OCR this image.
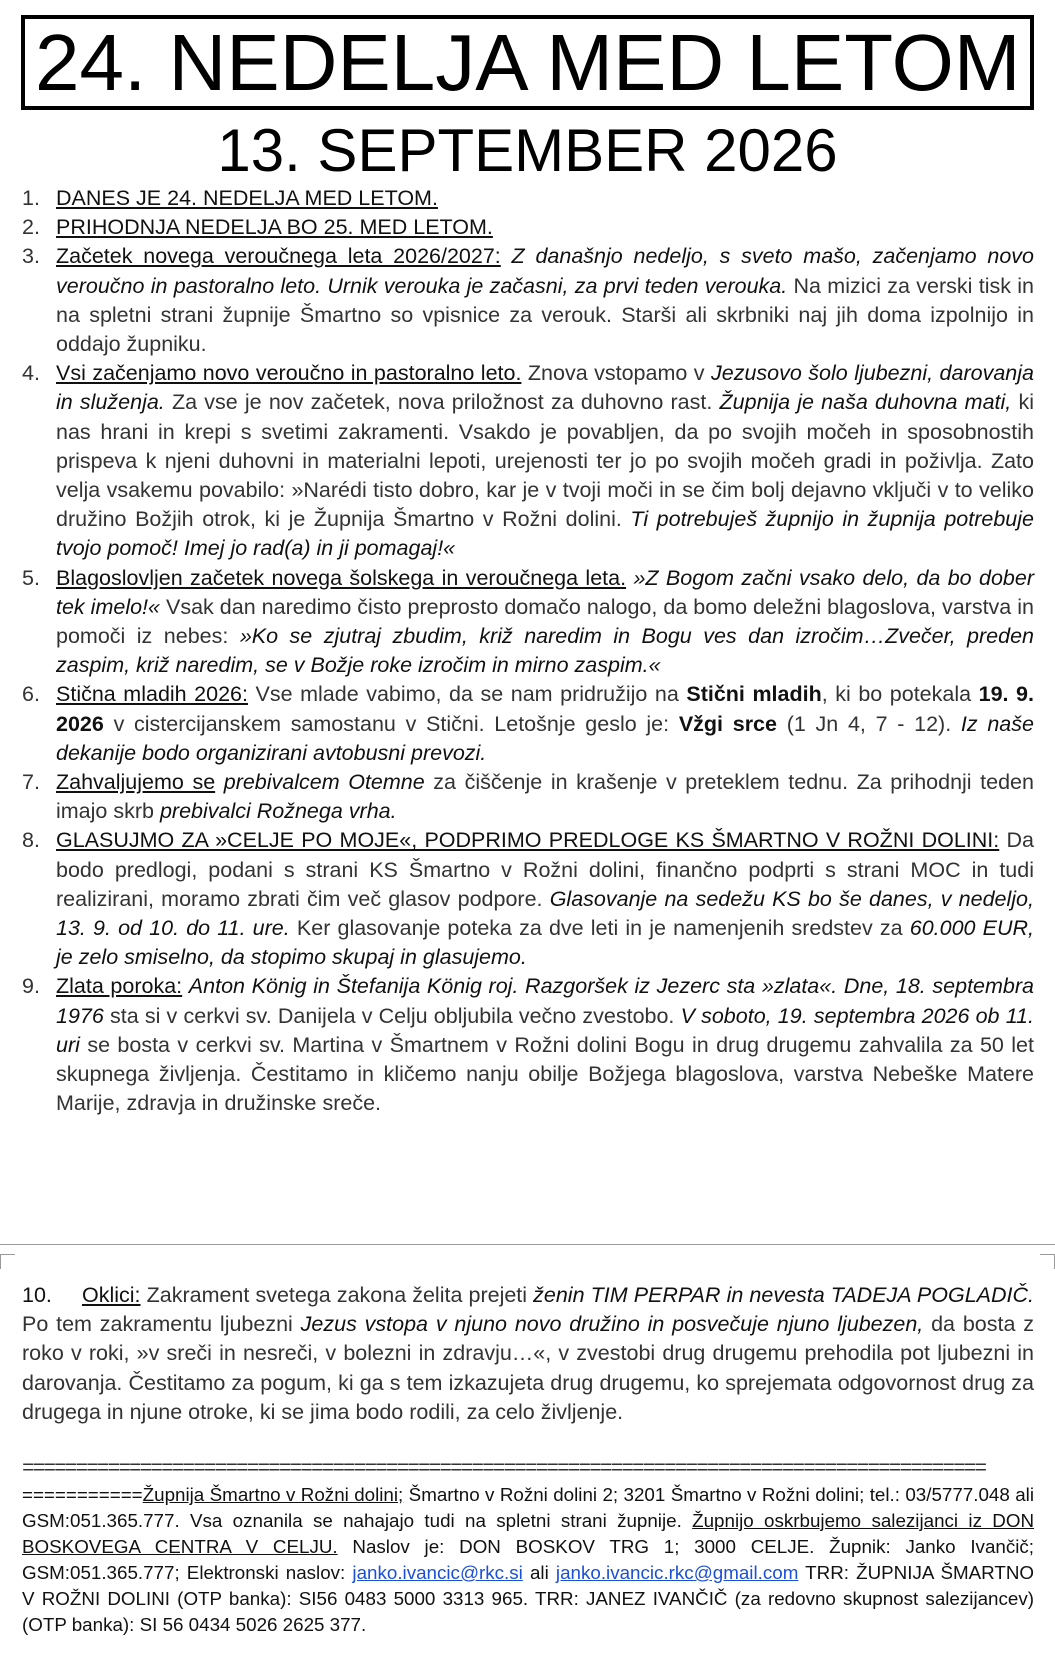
24. NEDELJA MED LETOM
13. SEPTEMBER 2026
1. DANES JE 24. NEDELJA MED LETOM.
2. PRIHODNJA NEDELJA BO 25. MED LETOM.
3. Začetek novega veroučnega leta 2026/2027: Z današnjo nedeljo, s sveto mašo, začenjamo novo veroučno in pastoralno leto. Urnik verouka je začasni, za prvi teden verouka. Na mizici za verski tisk in na spletni strani župnije Šmartno so vpisnice za verouk. Starši ali skrbniki naj jih doma izpolnijo in oddajo župniku.
4. Vsi začenjamo novo veroučno in pastoralno leto. Znova vstopamo v Jezusovo šolo ljubezni, darovanja in služenja. Za vse je nov začetek, nova priložnost za duhovno rast. Župnija je naša duhovna mati, ki nas hrani in krepi s svetimi zakramenti. Vsakdo je povabljen, da po svojih močeh in sposobnostih prispeva k njeni duhovni in materialni lepoti, urejenosti ter jo po svojih močeh gradi in poživlja. Zato velja vsakemu povabilo: »Narédi tisto dobro, kar je v tvoji moči in se čim bolj dejavno vključi v to veliko družino Božjih otrok, ki je Župnija Šmartno v Rožni dolini. Ti potrebuješ župnijo in župnija potrebuje tvojo pomoč! Imej jo rad(a) in ji pomagaj!«
5. Blagoslovljen začetek novega šolskega in veroučnega leta. »Z Bogom začni vsako delo, da bo dober tek imelo!« Vsak dan naredimo čisto preprosto domačo nalogo, da bomo deležni blagoslova, varstva in pomoči iz nebes: »Ko se zjutraj zbudim, križ naredim in Bogu ves dan izročim…Zvečer, preden zaspim, križ naredim, se v Božje roke izročim in mirno zaspim.«
6. Stična mladih 2026: Vse mlade vabimo, da se nam pridružijo na Stični mladih, ki bo potekala 19. 9. 2026 v cistercijanskem samostanu v Stični. Letošnje geslo je: Vžgi srce (1 Jn 4, 7 - 12). Iz naše dekanije bodo organizirani avtobusni prevozi.
7. Zahvaljujemo se prebivalcem Otemne za čiščenje in krašenje v preteklem tednu. Za prihodnji teden imajo skrb prebivalci Rožnega vrha.
8. GLASUJMO ZA »CELJE PO MOJE«, PODPRIMO PREDLOGE KS ŠMARTNO V ROŽNI DOLINI: Da bodo predlogi, podani s strani KS Šmartno v Rožni dolini, finančno podprti s strani MOC in tudi realizirani, moramo zbrati čim več glasov podpore. Glasovanje na sedežu KS bo še danes, v nedeljo, 13. 9. od 10. do 11. ure. Ker glasovanje poteka za dve leti in je namenjenih sredstev za 60.000 EUR, je zelo smiselno, da stopimo skupaj in glasujemo.
9. Zlata poroka: Anton König in Štefanija König roj. Razgoršek iz Jezerc sta »zlata«. Dne, 18. septembra 1976 sta si v cerkvi sv. Danijela v Celju obljubila večno zvestobo. V soboto, 19. septembra 2026 ob 11. uri se bosta v cerkvi sv. Martina v Šmartnem v Rožni dolini Bogu in drug drugemu zahvalila za 50 let skupnega življenja. Čestitamo in kličemo nanju obilje Božjega blagoslova, varstva Nebeške Matere Marije, zdravja in družinske sreče.
10. Oklici: Zakrament svetega zakona želita prejeti ženin TIM PERPAR in nevesta TADEJA POGLADIČ. Po tem zakramentu ljubezni Jezus vstopa v njuno novo družino in posvečuje njuno ljubezen, da bosta z roko v roki, »v sreči in nesreči, v bolezni in zdravju…«, v zvestobi drug drugemu prehodila pot ljubezni in darovanja. Čestitamo za pogum, ki ga s tem izkazujeta drug drugemu, ko sprejemata odgovornost drug za drugega in njune otroke, ki se jima bodo rodili, za celo življenje.
==========================================================================================
===========Župnija Šmartno v Rožni dolini; Šmartno v Rožni dolini 2; 3201 Šmartno v Rožni dolini; tel.: 03/5777.048 ali GSM:051.365.777. Vsa oznanila se nahajajo tudi na spletni strani župnije. Župnijo oskrbujemo salezijanci iz DON BOSKOVEGA CENTRA V CELJU. Naslov je: DON BOSKOV TRG 1; 3000 CELJE. Župnik: Janko Ivančič; GSM:051.365.777; Elektronski naslov: janko.ivancic@rkc.si ali janko.ivancic.rkc@gmail.com TRR: ŽUPNIJA ŠMARTNO V ROŽNI DOLINI (OTP banka): SI56 0483 5000 3313 965. TRR: JANEZ IVANČIČ (za redovno skupnost salezijancev) (OTP banka): SI 56 0434 5026 2625 377.
